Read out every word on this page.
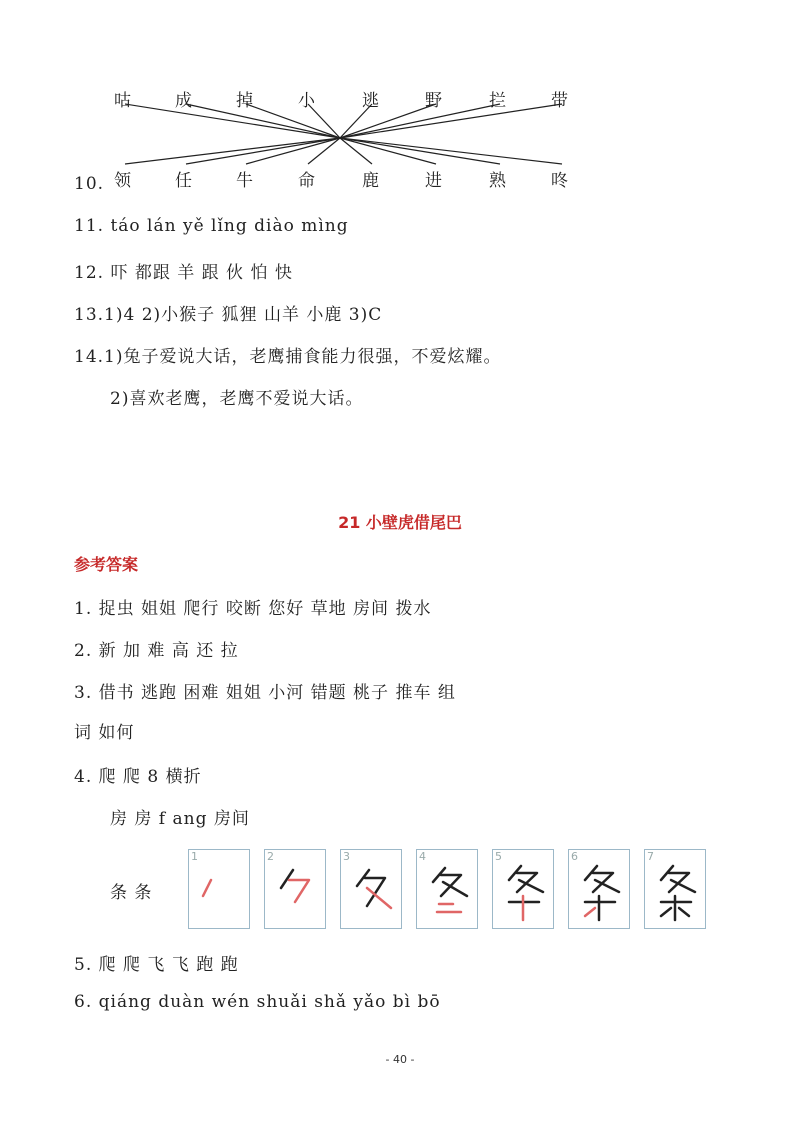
咕	成	掉	小	逃	野	拦	带
领	任	牛	命	鹿	进	熟	咚
10.
11. táo lán yě lǐng diào mìng
12. 吓 都跟 羊 跟 伙 怕 快
13.1)4 2)小猴子 狐狸 山羊 小鹿 3)C
14.1)兔子爱说大话，老鹰捕食能力很强，不爱炫耀。
2)喜欢老鹰，老鹰不爱说大话。
21 小壁虎借尾巴
参考答案
1. 捉虫 姐姐 爬行 咬断 您好 草地 房间 拨水
2. 新 加 难 高 还 拉
3. 借书 逃跑 困难 姐姐 小河 错题 桃子 推车 组
词 如何
4. 爬 爬 8 横折
房 房 f ang 房间
条 条
1	2	3	4	5	6	7
5. 爬 爬 飞 飞 跑 跑
6. qiáng duàn wén shuǎi shǎ yǎo bì bō
- 40 -
